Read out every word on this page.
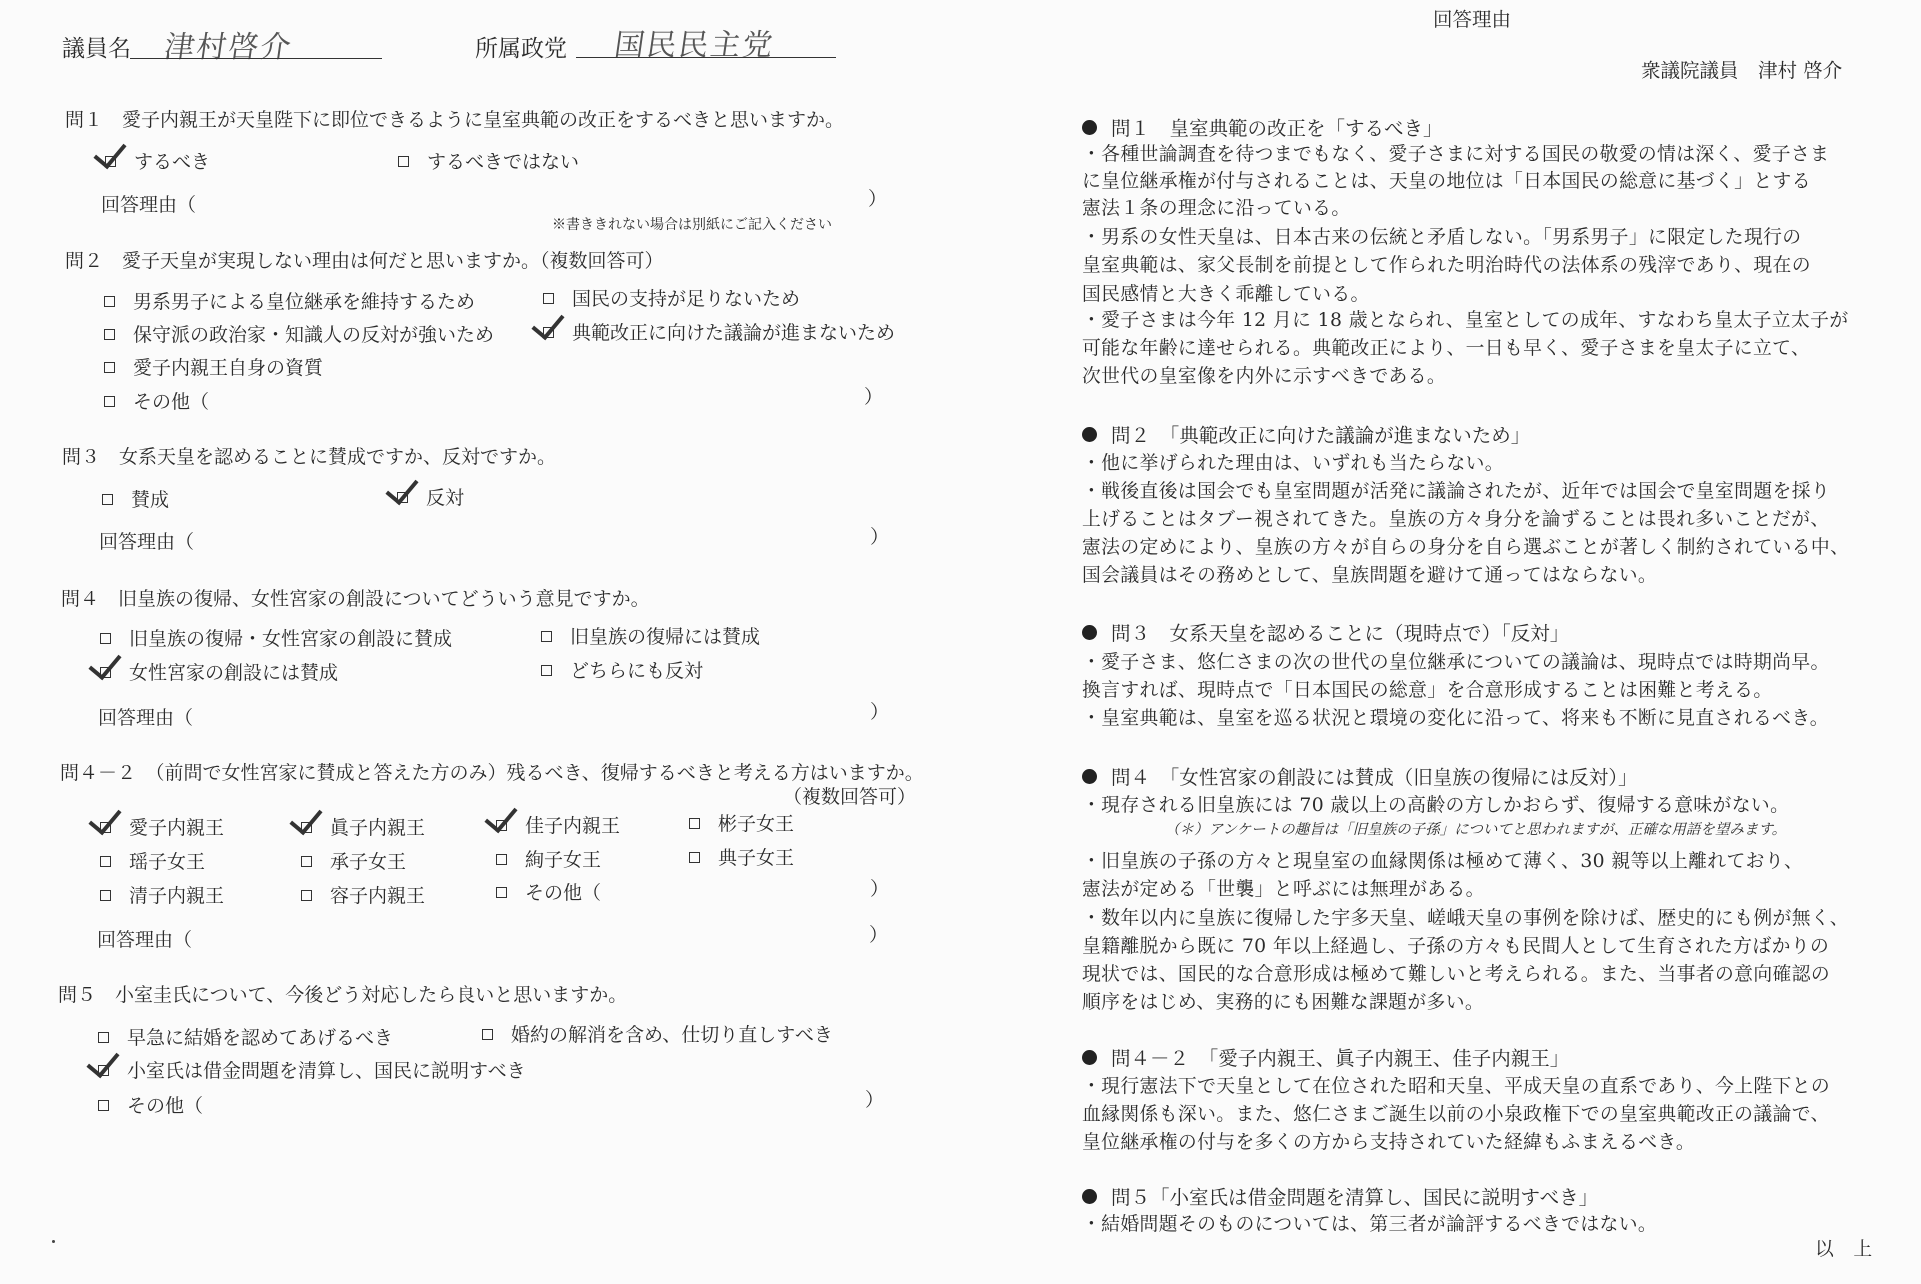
議員名 津村啓介	所属政党 国民民主党
問１　愛子内親王が天皇陛下に即位できるように皇室典範の改正をするべきと思いますか。
するべき	するべきではない
回答理由（	）
※書ききれない場合は別紙にご記入ください
問２　愛子天皇が実現しない理由は何だと思いますか。（複数回答可）
男系男子による皇位継承を維持するため	国民の支持が足りないため
保守派の政治家・知識人の反対が強いため	典範改正に向けた議論が進まないため
愛子内親王自身の資質
その他（	）
問３　女系天皇を認めることに賛成ですか、反対ですか。
賛成	反対
回答理由（	）
問４　旧皇族の復帰、女性宮家の創設についてどういう意見ですか。
旧皇族の復帰・女性宮家の創設に賛成	旧皇族の復帰には賛成
女性宮家の創設には賛成	どちらにも反対
回答理由（	）
問４－２　（前問で女性宮家に賛成と答えた方のみ）残るべき、復帰するべきと考える方はいますか。
（複数回答可）
愛子内親王	眞子内親王	佳子内親王	彬子女王
瑶子女王	承子女王	絢子女王	典子女王
清子内親王	容子内親王	その他（	）
回答理由（	）
問５　小室圭氏について、今後どう対応したら良いと思いますか。
早急に結婚を認めてあげるべき	婚約の解消を含め、仕切り直しすべき
小室氏は借金問題を清算し、国民に説明すべき
その他（	）
回答理由
衆議院議員　津村 啓介
問１　皇室典範の改正を「するべき」
・各種世論調査を待つまでもなく、愛子さまに対する国民の敬愛の情は深く、愛子さま
に皇位継承権が付与されることは、天皇の地位は「日本国民の総意に基づく」とする
憲法１条の理念に沿っている。
・男系の女性天皇は、日本古来の伝統と矛盾しない。「男系男子」に限定した現行の
皇室典範は、家父長制を前提として作られた明治時代の法体系の残滓であり、現在の
国民感情と大きく乖離している。
・愛子さまは今年 12 月に 18 歳となられ、皇室としての成年、すなわち皇太子立太子が
可能な年齢に達せられる。典範改正により、一日も早く、愛子さまを皇太子に立て、
次世代の皇室像を内外に示すべきである。
問２　「典範改正に向けた議論が進まないため」
・他に挙げられた理由は、いずれも当たらない。
・戦後直後は国会でも皇室問題が活発に議論されたが、近年では国会で皇室問題を採り
上げることはタブー視されてきた。皇族の方々身分を論ずることは畏れ多いことだが、
憲法の定めにより、皇族の方々が自らの身分を自ら選ぶことが著しく制約されている中、
国会議員はその務めとして、皇族問題を避けて通ってはならない。
問３　女系天皇を認めることに（現時点で）「反対」
・愛子さま、悠仁さまの次の世代の皇位継承についての議論は、現時点では時期尚早。
換言すれば、現時点で「日本国民の総意」を合意形成することは困難と考える。
・皇室典範は、皇室を巡る状況と環境の変化に沿って、将来も不断に見直されるべき。
問４　「女性宮家の創設には賛成（旧皇族の復帰には反対）」
・現存される旧皇族には 70 歳以上の高齢の方しかおらず、復帰する意味がない。
（＊）アンケートの趣旨は「旧皇族の子孫」についてと思われますが、正確な用語を望みます。
・旧皇族の子孫の方々と現皇室の血縁関係は極めて薄く、30 親等以上離れており、
憲法が定める「世襲」と呼ぶには無理がある。
・数年以内に皇族に復帰した宇多天皇、嵯峨天皇の事例を除けば、歴史的にも例が無く、
皇籍離脱から既に 70 年以上経過し、子孫の方々も民間人として生育された方ばかりの
現状では、国民的な合意形成は極めて難しいと考えられる。また、当事者の意向確認の
順序をはじめ、実務的にも困難な課題が多い。
問４－２　「愛子内親王、眞子内親王、佳子内親王」
・現行憲法下で天皇として在位された昭和天皇、平成天皇の直系であり、今上陛下との
血縁関係も深い。また、悠仁さまご誕生以前の小泉政権下での皇室典範改正の議論で、
皇位継承権の付与を多くの方から支持されていた経緯もふまえるべき。
問５「小室氏は借金問題を清算し、国民に説明すべき」
・結婚問題そのものについては、第三者が論評するべきではない。
以　上
